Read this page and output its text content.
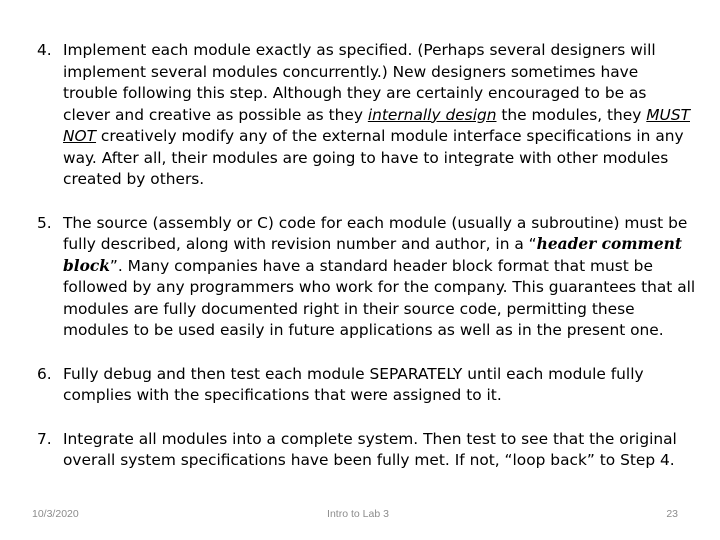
4. Implement each module exactly as specified. (Perhaps several designers will implement several modules concurrently.) New designers sometimes have trouble following this step. Although they are certainly encouraged to be as clever and creative as possible as they internally design the modules, they MUST NOT creatively modify any of the external module interface specifications in any way. After all, their modules are going to have to integrate with other modules created by others.
5. The source (assembly or C) code for each module (usually a subroutine) must be fully described, along with revision number and author, in a “header comment block”. Many companies have a standard header block format that must be followed by any programmers who work for the company. This guarantees that all modules are fully documented right in their source code, permitting these modules to be used easily in future applications as well as in the present one.
6. Fully debug and then test each module SEPARATELY until each module fully complies with the specifications that were assigned to it.
7. Integrate all modules into a complete system. Then test to see that the original overall system specifications have been fully met. If not, “loop back” to Step 4.
10/3/2020	Intro to Lab 3	23
